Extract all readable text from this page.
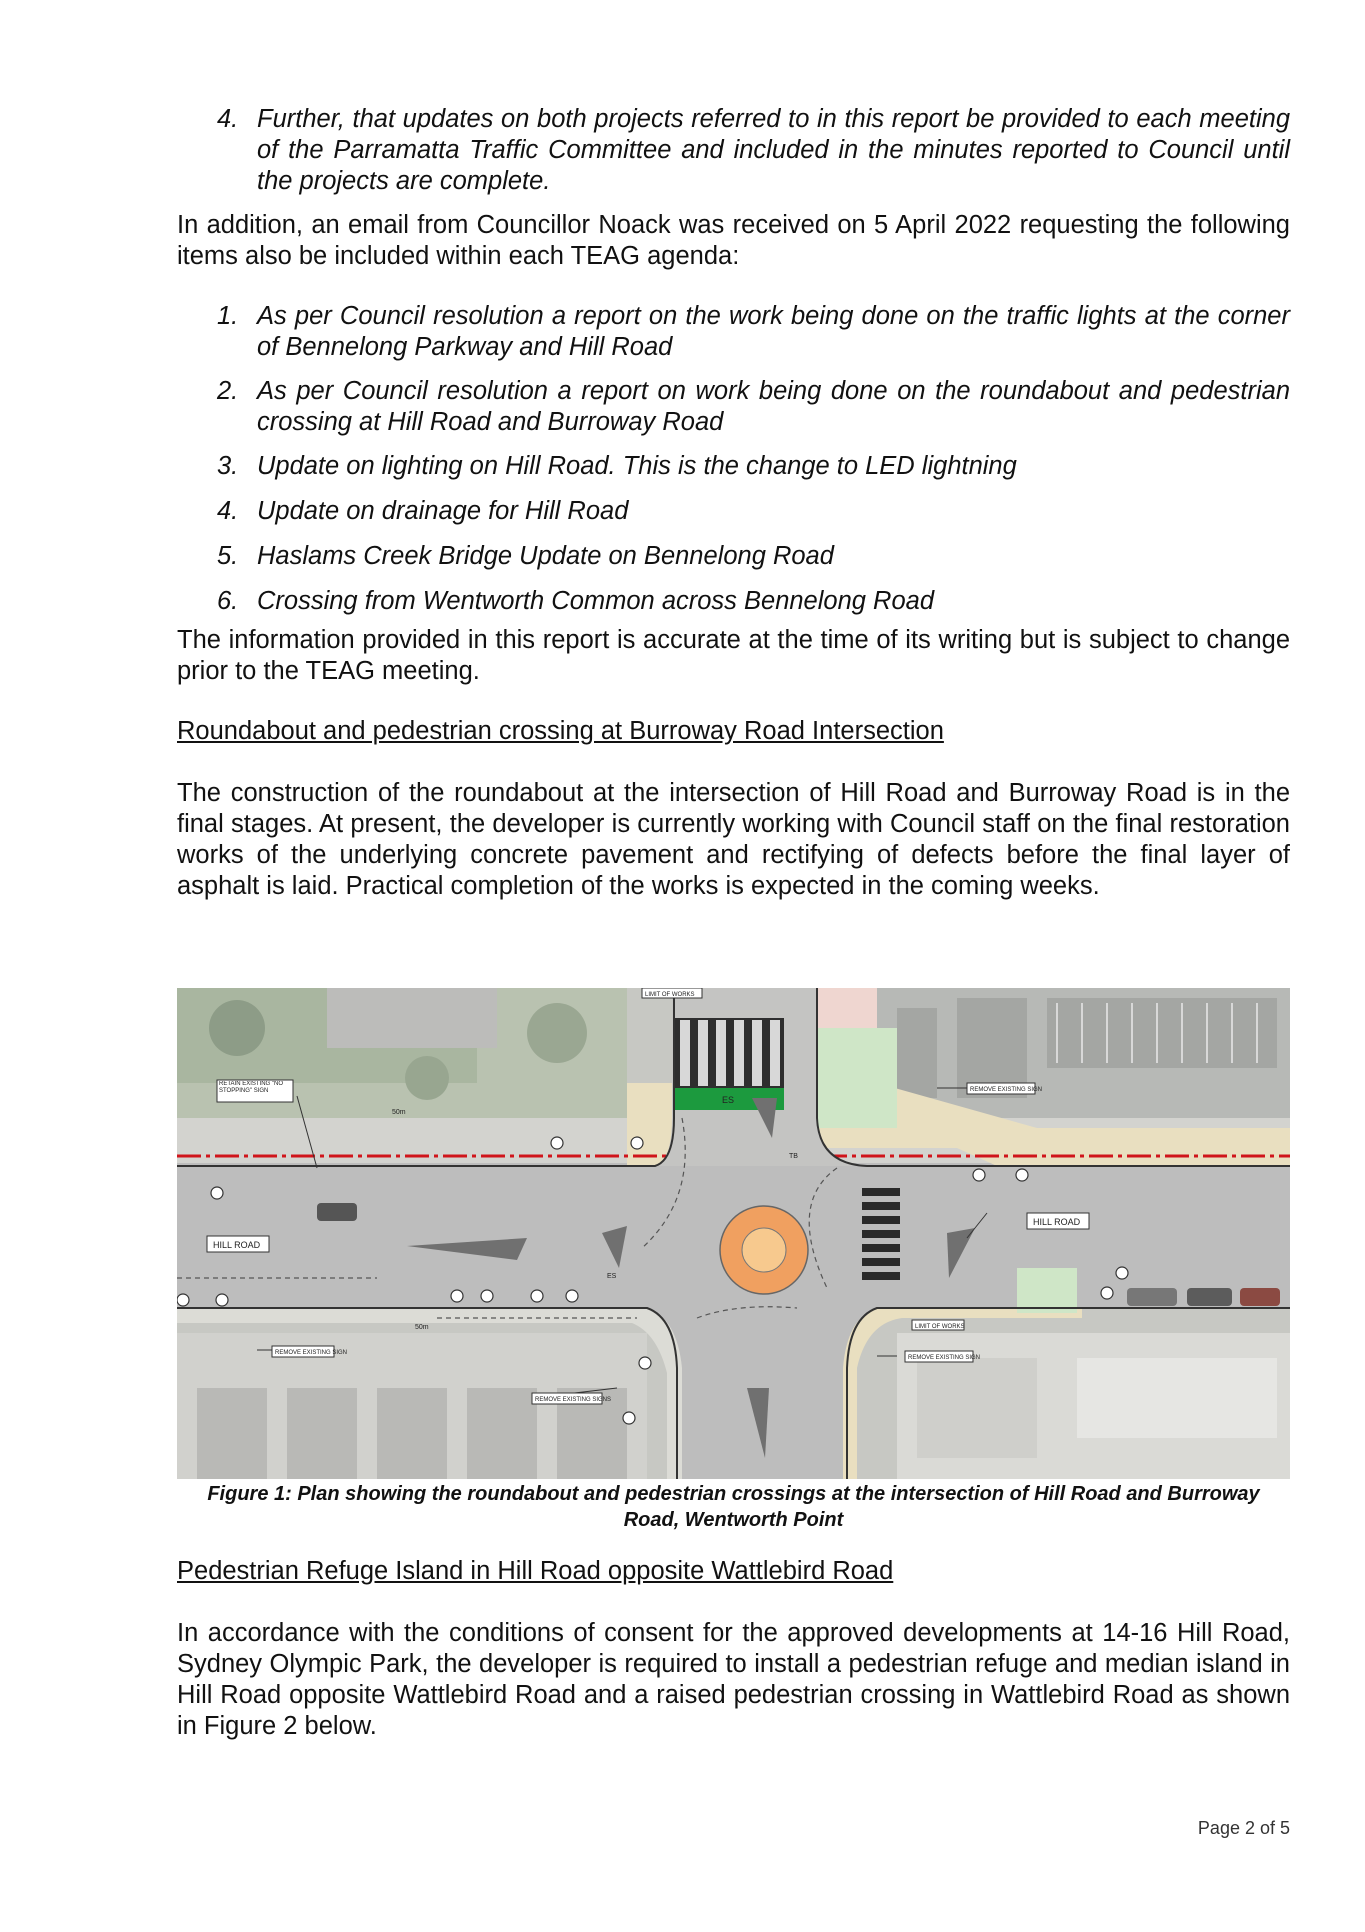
4. Further, that updates on both projects referred to in this report be provided to each meeting of the Parramatta Traffic Committee and included in the minutes reported to Council until the projects are complete.

In addition, an email from Councillor Noack was received on 5 April 2022 requesting the following items also be included within each TEAG agenda:

1. As per Council resolution a report on the work being done on the traffic lights at the corner of Bennelong Parkway and Hill Road
2. As per Council resolution a report on work being done on the roundabout and pedestrian crossing at Hill Road and Burroway Road
3. Update on lighting on Hill Road. This is the change to LED lightning
4. Update on drainage for Hill Road
5. Haslams Creek Bridge Update on Bennelong Road
6. Crossing from Wentworth Common across Bennelong Road

The information provided in this report is accurate at the time of its writing but is subject to change prior to the TEAG meeting.

Roundabout and pedestrian crossing at Burroway Road Intersection

The construction of the roundabout at the intersection of Hill Road and Burroway Road is in the final stages. At present, the developer is currently working with Council staff on the final restoration works of the underlying concrete pavement and rectifying of defects before the final layer of asphalt is laid. Practical completion of the works is expected in the coming weeks.

ES
HILL ROAD
HILL ROAD
LIMIT OF WORKS
LIMIT OF WORKS
RETAIN EXISTING "NO STOPPING" SIGN	REMOVE EXISTING SIGN
REMOVE EXISTING SIGN
REMOVE EXISTING SIGN
REMOVE EXISTING SIGNS
50m
50m
ES
TB
Figure 1: Plan showing the roundabout and pedestrian crossings at the intersection of Hill Road and Burroway Road, Wentworth Point

Pedestrian Refuge Island in Hill Road opposite Wattlebird Road

In accordance with the conditions of consent for the approved developments at 14-16 Hill Road, Sydney Olympic Park, the developer is required to install a pedestrian refuge and median island in Hill Road opposite Wattlebird Road and a raised pedestrian crossing in Wattlebird Road as shown in Figure 2 below.

Page 2 of 5
